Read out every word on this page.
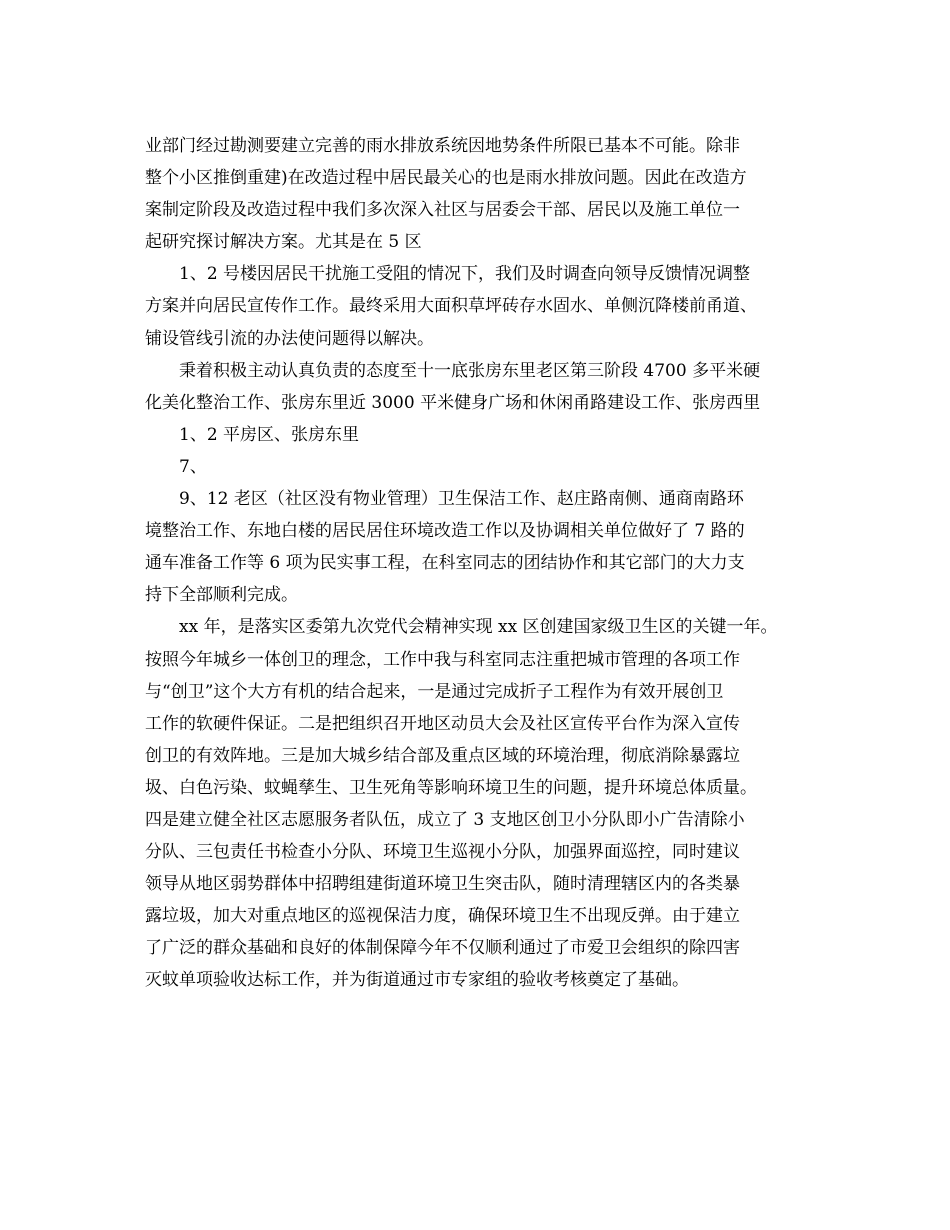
业部门经过勘测要建立完善的雨水排放系统因地势条件所限已基本不可能。除非
整个小区推倒重建)在改造过程中居民最关心的也是雨水排放问题。因此在改造方
案制定阶段及改造过程中我们多次深入社区与居委会干部、居民以及施工单位一
起研究探讨解决方案。尤其是在 5 区
1、2 号楼因居民干扰施工受阻的情况下，我们及时调查向领导反馈情况调整
方案并向居民宣传作工作。最终采用大面积草坪砖存水固水、单侧沉降楼前甬道、
铺设管线引流的办法使问题得以解决。
秉着积极主动认真负责的态度至十一底张房东里老区第三阶段 4700 多平米硬
化美化整治工作、张房东里近 3000 平米健身广场和休闲甬路建设工作、张房西里
1、2 平房区、张房东里
7、
9、12 老区（社区没有物业管理）卫生保洁工作、赵庄路南侧、通商南路环
境整治工作、东地白楼的居民居住环境改造工作以及协调相关单位做好了 7 路的
通车准备工作等 6 项为民实事工程，在科室同志的团结协作和其它部门的大力支
持下全部顺利完成。
xx 年，是落实区委第九次党代会精神实现 xx 区创建国家级卫生区的关键一年。
按照今年城乡一体创卫的理念，工作中我与科室同志注重把城市管理的各项工作
与“创卫”这个大方有机的结合起来，一是通过完成折子工程作为有效开展创卫
工作的软硬件保证。二是把组织召开地区动员大会及社区宣传平台作为深入宣传
创卫的有效阵地。三是加大城乡结合部及重点区域的环境治理，彻底消除暴露垃
圾、白色污染、蚊蝇孳生、卫生死角等影响环境卫生的问题，提升环境总体质量。
四是建立健全社区志愿服务者队伍，成立了 3 支地区创卫小分队即小广告清除小
分队、三包责任书检查小分队、环境卫生巡视小分队，加强界面巡控，同时建议
领导从地区弱势群体中招聘组建街道环境卫生突击队，随时清理辖区内的各类暴
露垃圾，加大对重点地区的巡视保洁力度，确保环境卫生不出现反弹。由于建立
了广泛的群众基础和良好的体制保障今年不仅顺利通过了市爱卫会组织的除四害
灭蚊单项验收达标工作，并为街道通过市专家组的验收考核奠定了基础。
